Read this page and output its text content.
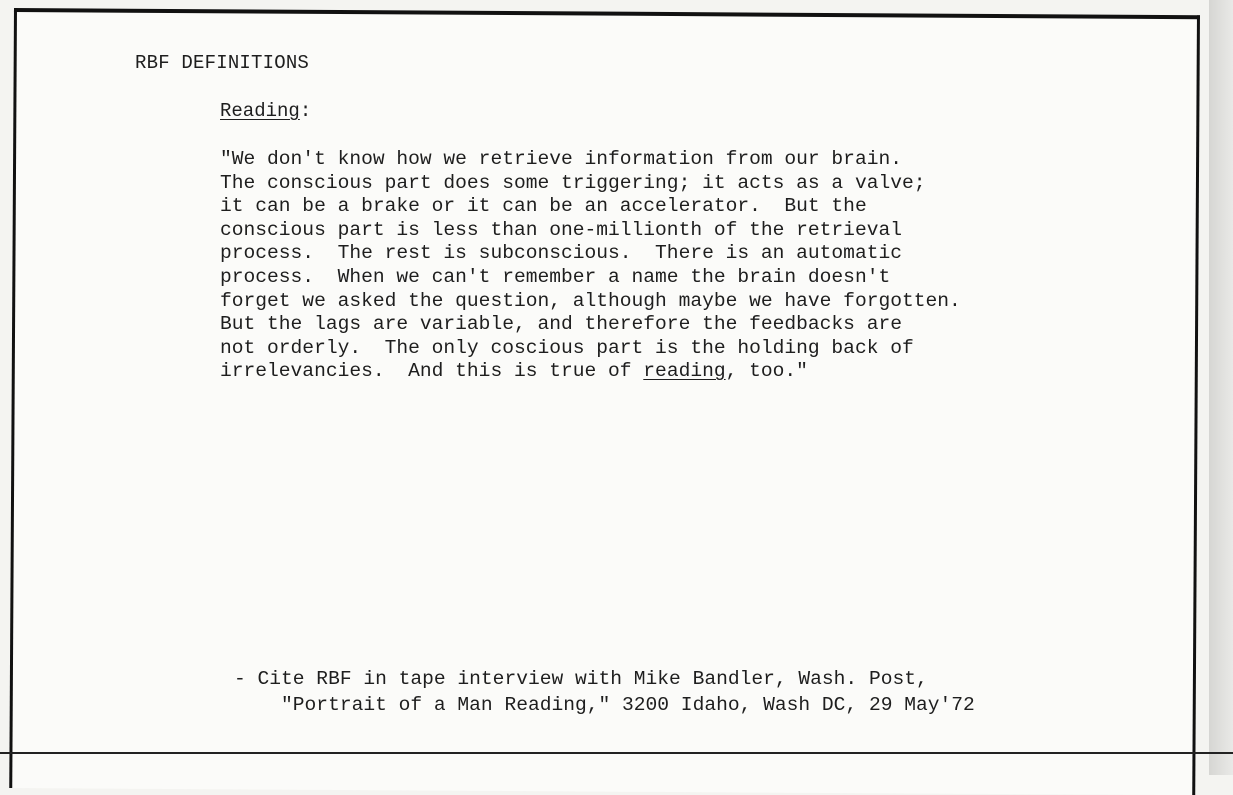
RBF DEFINITIONS
Reading:
"We don't know how we retrieve information from our brain.
The conscious part does some triggering; it acts as a valve;
it can be a brake or it can be an accelerator.  But the
conscious part is less than one-millionth of the retrieval
process.  The rest is subconscious.  There is an automatic
process.  When we can't remember a name the brain doesn't
forget we asked the question, although maybe we have forgotten.
But the lags are variable, and therefore the feedbacks are
not orderly.  The only coscious part is the holding back of
irrelevancies.  And this is true of reading, too."
- Cite RBF in tape interview with Mike Bandler, Wash. Post,
"Portrait of a Man Reading," 3200 Idaho, Wash DC, 29 May'72
